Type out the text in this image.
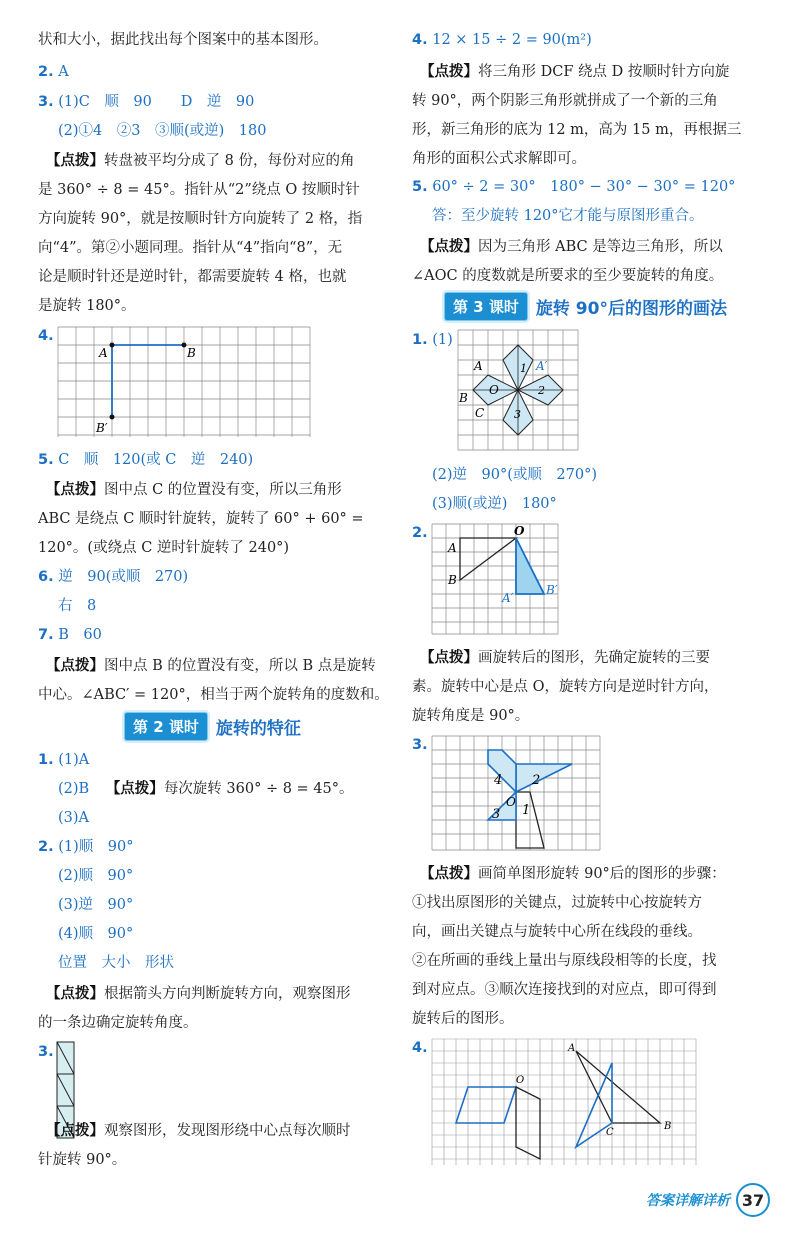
状和大小，据此找出每个图案中的基本图形。
2. A
3. (1)C　顺　90　　D　逆　90
(2)①4　②3　③顺(或逆)　180
【点拨】转盘被平均分成了 8 份，每份对应的角
是 360° ÷ 8 = 45°。指针从“2”绕点 O 按顺时针
方向旋转 90°，就是按顺时针方向旋转了 2 格，指
向“4”。第②小题同理。指针从“4”指向“8”，无
论是顺时针还是逆时针，都需要旋转 4 格，也就
是旋转 180°。
4.
A	B
B′
5. C　顺　120(或 C　逆　240)
【点拨】图中点 C 的位置没有变，所以三角形
ABC 是绕点 C 顺时针旋转，旋转了 60° + 60° =
120°。(或绕点 C 逆时针旋转了 240°)
6. 逆　90(或顺　270)
右　8
7. B　60
【点拨】图中点 B 的位置没有变，所以 B 点是旋转
中心。∠ABC′ = 120°，相当于两个旋转角的度数和。
第 2 课时	旋转的特征
1. (1)A
(2)B 【点拨】每次旋转 360° ÷ 8 = 45°。
(3)A
2. (1)顺　90°
(2)顺　90°
(3)逆　90°
(4)顺　90°
位置　大小　形状
【点拨】根据箭头方向判断旋转方向，观察图形
的一条边确定旋转角度。
3.
【点拨】观察图形，发现图形绕中心点每次顺时
针旋转 90°。
4. 12 × 15 ÷ 2 = 90(m²)
【点拨】将三角形 DCF 绕点 D 按顺时针方向旋
转 90°，两个阴影三角形就拼成了一个新的三角
形，新三角形的底为 12 m，高为 15 m，再根据三
角形的面积公式求解即可。
5. 60° ÷ 2 = 30°　180° − 30° − 30° = 120°
答：至少旋转 120°它才能与原图形重合。
【点拨】因为三角形 ABC 是等边三角形，所以
∠AOC 的度数就是所要求的至少要旋转的角度。
第 3 课时	旋转 90°后的图形的画法
1. (1)
A	A′
O
B
C
1
2
3
(2)逆　90°(或顺　270°)
(3)顺(或逆)　180°
2.
A
O
B
A′
B′
【点拨】画旋转后的图形，先确定旋转的三要
素。旋转中心是点 O，旋转方向是逆时针方向，
旋转角度是 90°。
3.
4 2
O
3 1
【点拨】画简单图形旋转 90°后的图形的步骤：
①找出原图形的关键点，过旋转中心按旋转方
向，画出关键点与旋转中心所在线段的垂线。
②在所画的垂线上量出与原线段相等的长度，找
到对应点。③顺次连接找到的对应点，即可得到
旋转后的图形。
4.
O
A
B
C
答案详解详析 37
